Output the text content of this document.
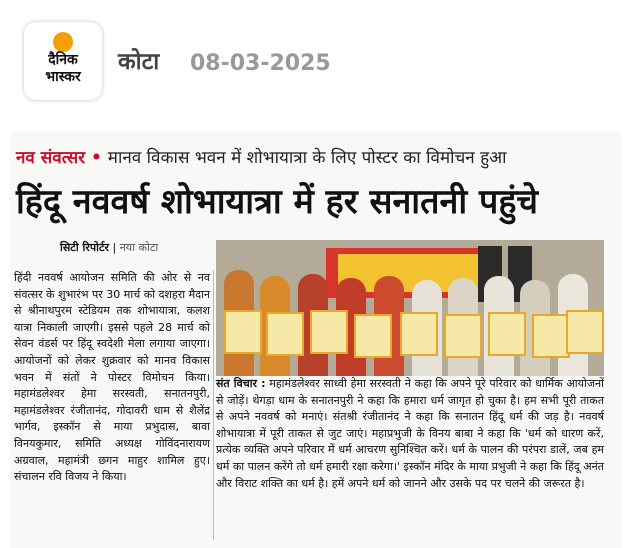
दैनिक
भास्कर
कोटा 08-03-2025
नव संवत्सर • मानव विकास भवन में शोभायात्रा के लिए पोस्टर का विमोचन हुआ
हिंदू नववर्ष शोभायात्रा में हर सनातनी पहुंचे
सिटी रिपोर्टर | नया कोटा
हिंदी नववर्ष आयोजन समिति की ओर से नव संवत्सर के शुभारंभ पर 30 मार्च को दशहरा मैदान से श्रीनाथपुरम स्टेडियम तक शोभायात्रा, कलश यात्रा निकाली जाएगी। इससे पहले 28 मार्च को सेवन वंडर्स पर हिंदू स्वदेशी मेला लगाया जाएगा। आयोजनों को लेकर शुक्रवार को मानव विकास भवन में संतों ने पोस्टर विमोचन किया। महामंडलेश्वर हेमा सरस्वती, सनातनपुरी, महामंडलेश्वर रंजीतानंद, गोदावरी धाम से शैलेंद्र भार्गव, इस्कॉन से माया प्रभुदास, बावा विनयकुमार, समिति अध्यक्ष गोविंदनारायण अग्रवाल, महामंत्री छगन माहुर शामिल हुए। संचालन रवि विजय ने किया।
संत विचार : महामंडलेश्वर साध्वी हेमा सरस्वती ने कहा कि अपने पूरे परिवार को धार्मिक आयोजनों से जोड़ें। थेगड़ा धाम के सनातनपुरी ने कहा कि हमारा धर्म जागृत हो चुका है। हम सभी पूरी ताकत से अपने नववर्ष को मनाएं। संतश्री रंजीतानंद ने कहा कि सनातन हिंदू धर्म की जड़ है। नववर्ष शोभायात्रा में पूरी ताकत से जुट जाएं। महाप्रभुजी के विनय बाबा ने कहा कि 'धर्म को धारण करें, प्रत्येक व्यक्ति अपने परिवार में धर्म आचरण सुनिश्चित करें। धर्म के पालन की परंपरा डालें, जब हम धर्म का पालन करेंगे तो धर्म हमारी रक्षा करेगा।' इस्कॉन मंदिर के माया प्रभुजी ने कहा कि हिंदू अनंत और विराट शक्ति का धर्म है। हमें अपने धर्म को जानने और उसके पद पर चलने की जरूरत है।
